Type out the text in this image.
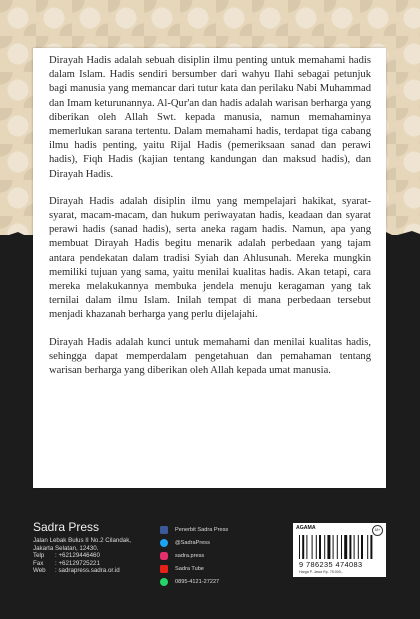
Dirayah Hadis adalah sebuah disiplin ilmu penting untuk memahami hadis dalam Islam. Hadis sendiri bersumber dari wahyu Ilahi sebagai petunjuk bagi manusia yang memancar dari tutur kata dan perilaku Nabi Muhammad dan Imam keturunannya. Al-Qur'an dan hadis adalah warisan berharga yang diberikan oleh Allah Swt. kepada manusia, namun memahaminya memerlukan sarana tertentu. Dalam memahami hadis, terdapat tiga cabang ilmu hadis penting, yaitu Rijal Hadis (pemeriksaan sanad dan perawi hadis), Fiqh Hadis (kajian tentang kandungan dan maksud hadis), dan Dirayah Hadis.

Dirayah Hadis adalah disiplin ilmu yang mempelajari hakikat, syarat-syarat, macam-macam, dan hukum periwayatan hadis, keadaan dan syarat perawi hadis (sanad hadis), serta aneka ragam hadis. Namun, apa yang membuat Dirayah Hadis begitu menarik adalah perbedaan yang tajam antara pendekatan dalam tradisi Syiah dan Ahlusunah. Mereka mungkin memiliki tujuan yang sama, yaitu menilai kualitas hadis. Akan tetapi, cara mereka melakukannya membuka jendela menuju keragaman yang tak ternilai dalam ilmu Islam. Inilah tempat di mana perbedaan tersebut menjadi khazanah berharga yang perlu dijelajahi.

Dirayah Hadis adalah kunci untuk memahami dan menilai kualitas hadis, sehingga dapat memperdalam pengetahuan dan pemahaman tentang warisan berharga yang diberikan oleh Allah kepada umat manusia.

Sadra Press
Jalan Lebak Bulus II No.2 Cilandak,
Jakarta Selatan, 12430.
Telp	: +62129446460
Fax	: +62129725221
Web	: sadrapress.sadra.or.id
Penerbit Sadra Press
@SadraPress
sadra.press
Sadra Tube
0895-4121-27227
AGAMA	18+
9 786235 474083
Harga P. Jawa Rp. 75.000,-
